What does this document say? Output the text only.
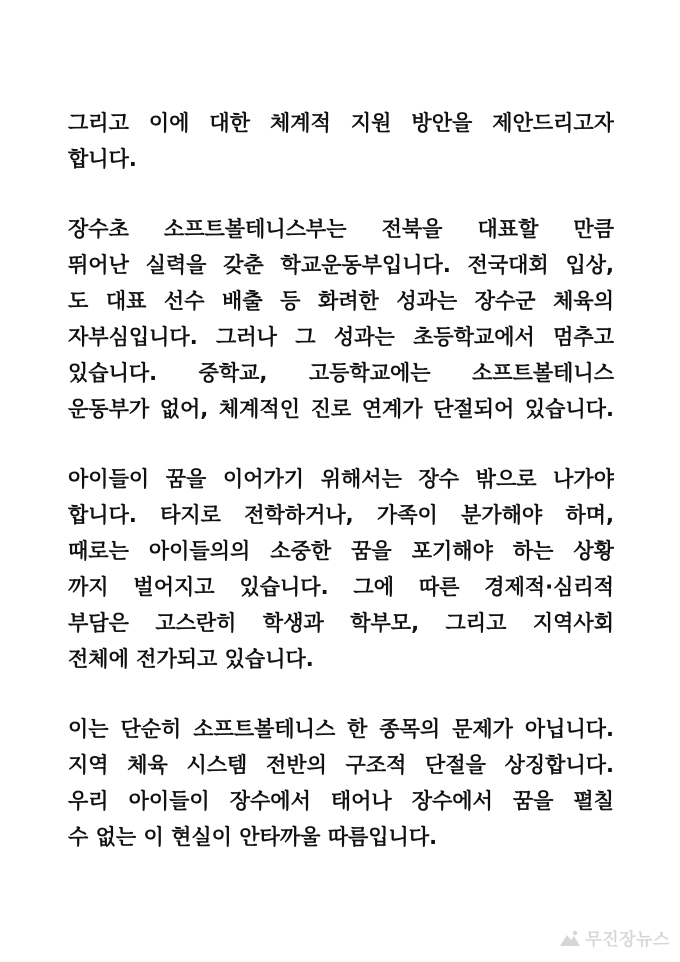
그리고 이에 대한 체계적 지원 방안을 제안드리고자
합니다.
장수초 소프트볼테니스부는 전북을 대표할 만큼
뛰어난 실력을 갖춘 학교운동부입니다. 전국대회 입상,
도 대표 선수 배출 등 화려한 성과는 장수군 체육의
자부심입니다. 그러나 그 성과는 초등학교에서 멈추고
있습니다. 중학교, 고등학교에는 소프트볼테니스
운동부가 없어, 체계적인 진로 연계가 단절되어 있습니다.
아이들이 꿈을 이어가기 위해서는 장수 밖으로 나가야
합니다. 타지로 전학하거나, 가족이 분가해야 하며,
때로는 아이들의의 소중한 꿈을 포기해야 하는 상황
까지 벌어지고 있습니다. 그에 따른 경제적·심리적
부담은 고스란히 학생과 학부모, 그리고 지역사회
전체에 전가되고 있습니다.
이는 단순히 소프트볼테니스 한 종목의 문제가 아닙니다.
지역 체육 시스템 전반의 구조적 단절을 상징합니다.
우리 아이들이 장수에서 태어나 장수에서 꿈을 펼칠
수 없는 이 현실이 안타까울 따름입니다.
무진장뉴스
